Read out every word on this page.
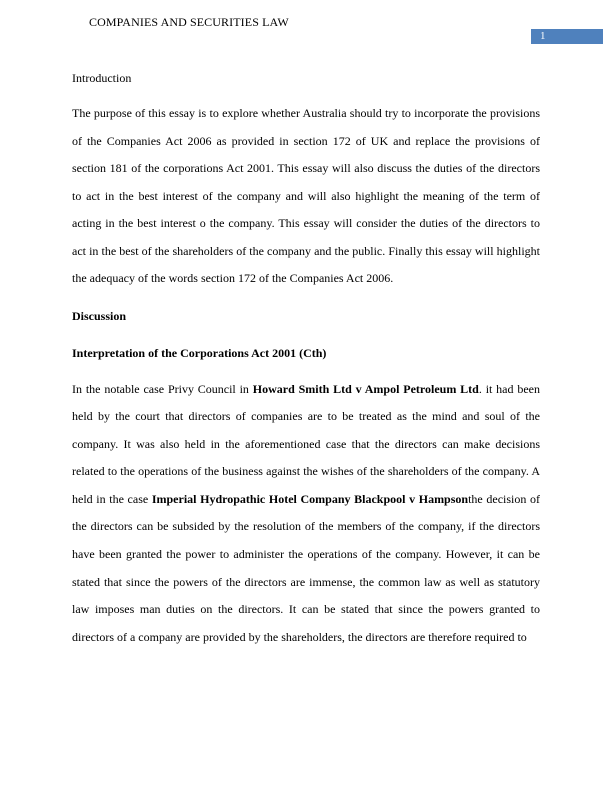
COMPANIES AND SECURITIES LAW
1

Introduction

The purpose of this essay is to explore whether Australia should try to incorporate the provisions of the Companies Act 2006 as provided in section 172 of UK and replace the provisions of section 181 of the corporations Act 2001. This essay will also discuss the duties of the directors to act in the best interest of the company and will also highlight the meaning of the term of acting in the best interest o the company. This essay will consider the duties of the directors to act in the best of the shareholders of the company and the public. Finally this essay will highlight the adequacy of the words section 172 of the Companies Act 2006.

Discussion

Interpretation of the Corporations Act 2001 (Cth)

In the notable case Privy Council in Howard Smith Ltd v Ampol Petroleum Ltd. it had been held by the court that directors of companies are to be treated as the mind and soul of the company. It was also held in the aforementioned case that the directors can make decisions related to the operations of the business against the wishes of the shareholders of the company. A held in the case Imperial Hydropathic Hotel Company Blackpool v Hampsonthe decision of the directors can be subsided by the resolution of the members of the company, if the directors have been granted the power to administer the operations of the company. However, it can be stated that since the powers of the directors are immense, the common law as well as statutory law imposes man duties on the directors. It can be stated that since the powers granted to directors of a company are provided by the shareholders, the directors are therefore required to
